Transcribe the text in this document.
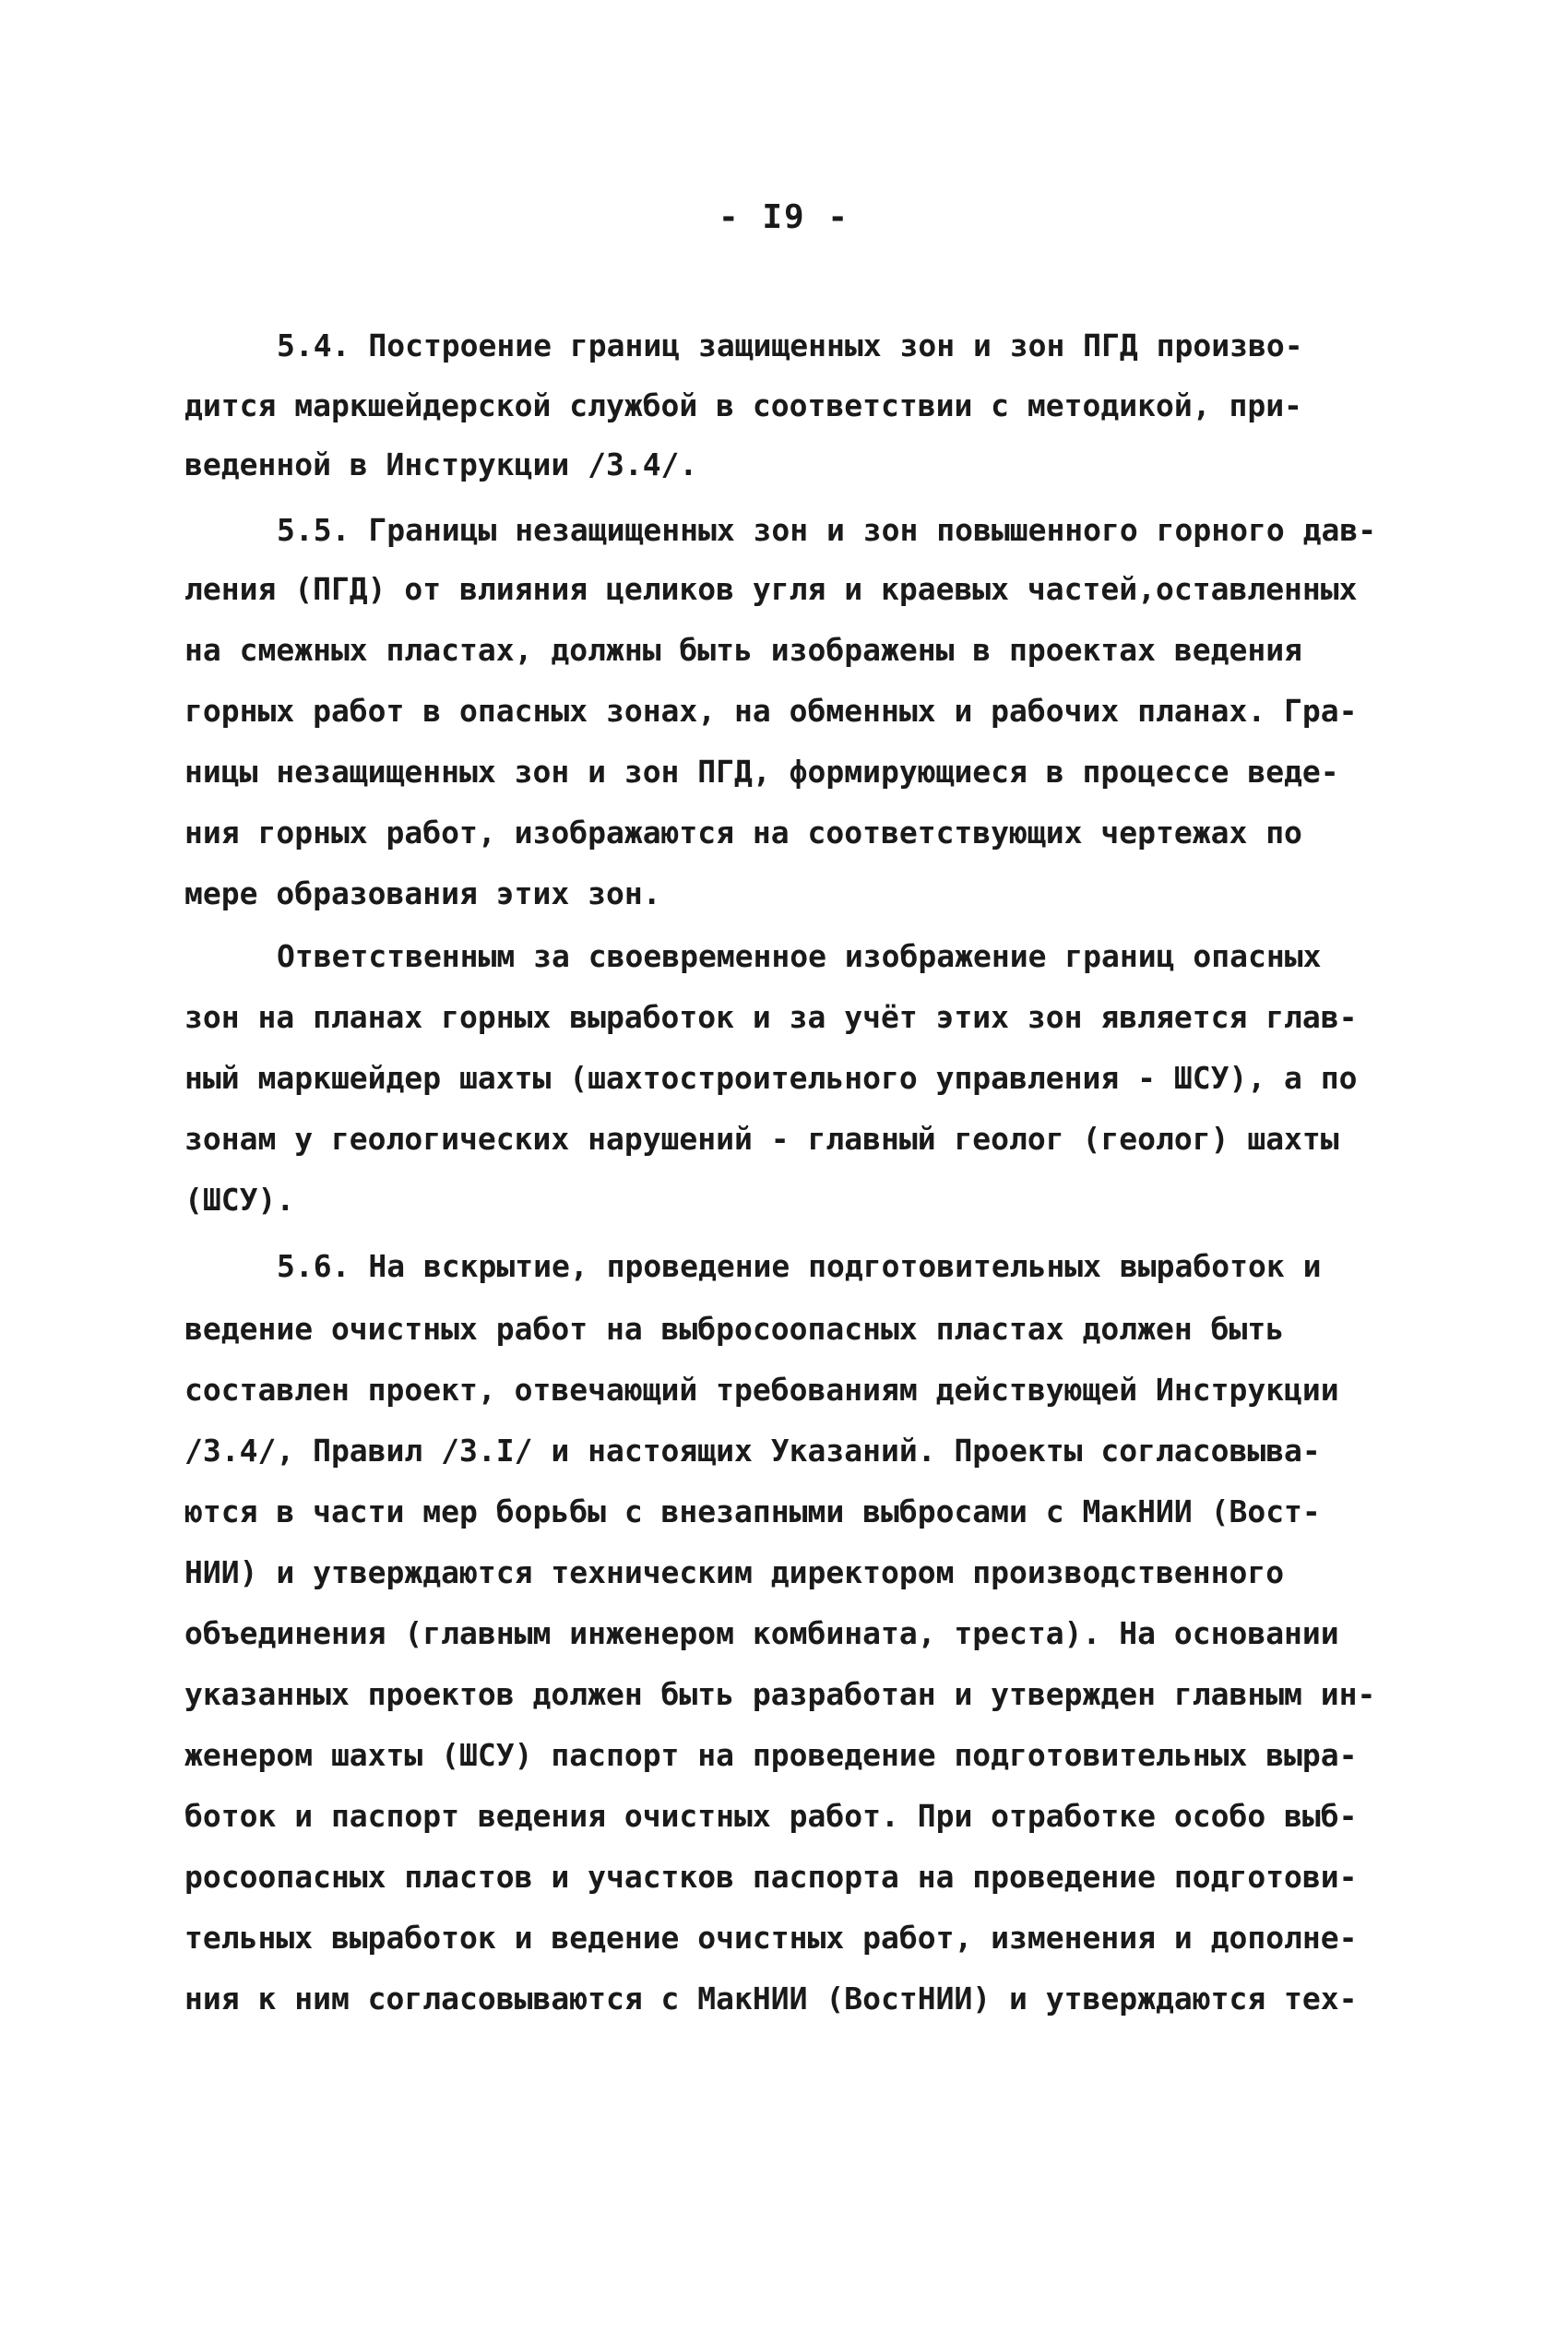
- I9 -
5.4. Построение границ защищенных зон и зон ПГД произво-
дится маркшейдерской службой в соответствии с методикой, при-
веденной в Инструкции /3.4/.
5.5. Границы незащищенных зон и зон повышенного горного дав-
ления (ПГД) от влияния целиков угля и краевых частей,оставленных
на смежных пластах, должны быть изображены в проектах ведения
горных работ в опасных зонах, на обменных и рабочих планах. Гра-
ницы незащищенных зон и зон ПГД, формирующиеся в процессе веде-
ния горных работ, изображаются на соответствующих чертежах по
мере образования этих зон.
Ответственным за своевременное изображение границ опасных
зон на планах горных выработок и за учёт этих зон является глав-
ный маркшейдер шахты (шахтостроительного управления - ШСУ), а по
зонам у геологических нарушений - главный геолог (геолог) шахты
(ШСУ).
5.6. На вскрытие, проведение подготовительных выработок и
ведение очистных работ на выбросоопасных пластах должен быть
составлен проект, отвечающий требованиям действующей Инструкции
/3.4/, Правил /3.I/ и настоящих Указаний. Проекты согласовыва-
ются в части мер борьбы с внезапными выбросами с МакНИИ (Вост-
НИИ) и утверждаются техническим директором производственного
объединения (главным инженером комбината, треста). На основании
указанных проектов должен быть разработан и утвержден главным ин-
женером шахты (ШСУ) паспорт на проведение подготовительных выра-
боток и паспорт ведения очистных работ. При отработке особо выб-
росоопасных пластов и участков паспорта на проведение подготови-
тельных выработок и ведение очистных работ, изменения и дополне-
ния к ним согласовываются с МакНИИ (ВостНИИ) и утверждаются тех-
